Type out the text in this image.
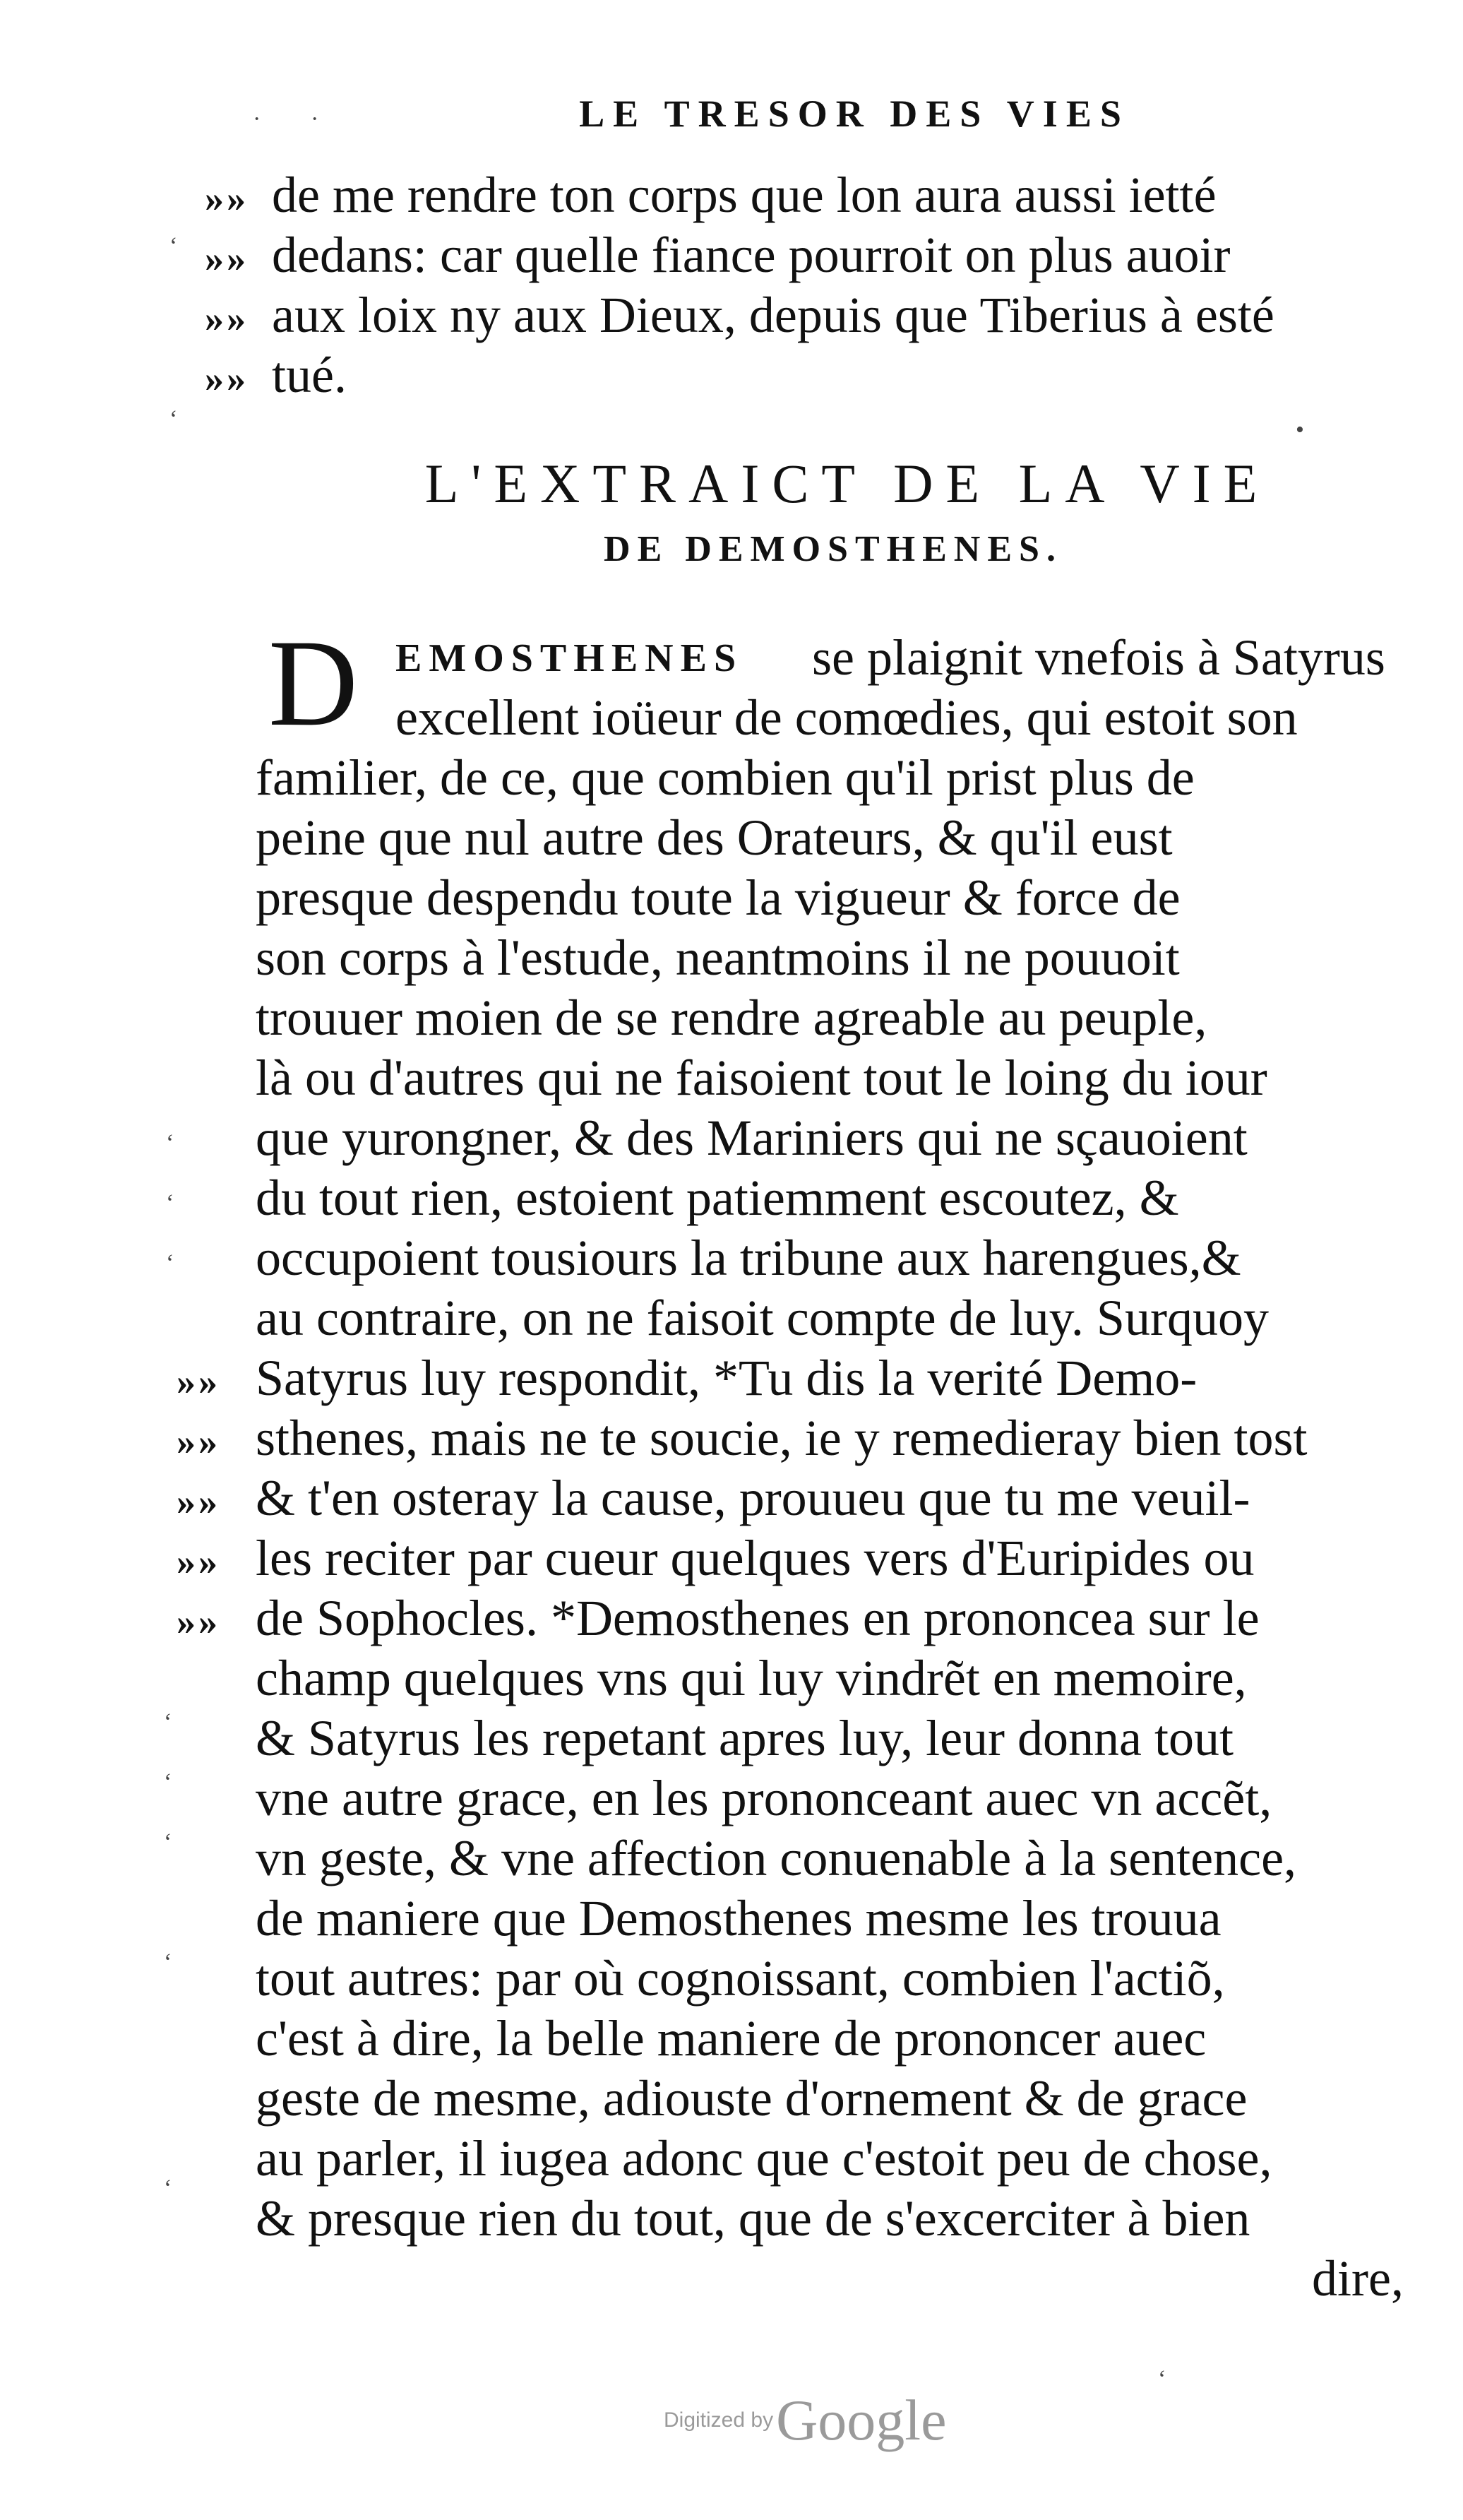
LE TRESOR DES VIES
»» de me rendre ton corps que lon aura aussi ietté
»» dedans: car quelle fiance pourroit on plus auoir
»» aux loix ny aux Dieux, depuis que Tiberius à esté
»» tué.
L'EXTRAICT DE LA VIE
DE DEMOSTHENES.
D EMOSTHENES se plaignit vnefois à Satyrus
excellent ioüeur de comœdies, qui estoit son
familier, de ce, que combien qu'il prist plus de
peine que nul autre des Orateurs, & qu'il eust
presque despendu toute la vigueur & force de
son corps à l'estude, neantmoins il ne pouuoit
trouuer moien de se rendre agreable au peuple,
là ou d'autres qui ne faisoient tout le loing du iour
que yurongner, & des Mariniers qui ne sçauoient
du tout rien, estoient patiemment escoutez, &
occupoient tousiours la tribune aux harengues,&
au contraire, on ne faisoit compte de luy. Surquoy
»» Satyrus luy respondit, *Tu dis la verité Demo-
»» sthenes, mais ne te soucie, ie y remedieray bien tost
»» & t'en osteray la cause, prouueu que tu me veuil-
»» les reciter par cueur quelques vers d'Euripides ou
»» de Sophocles. *Demosthenes en prononcea sur le
champ quelques vns qui luy vindrẽt en memoire,
& Satyrus les repetant apres luy, leur donna tout
vne autre grace, en les prononceant auec vn accẽt,
vn geste, & vne affection conuenable à la sentence,
de maniere que Demosthenes mesme les trouua
tout autres: par où cognoissant, combien l'actiõ,
c'est à dire, la belle maniere de prononcer auec
geste de mesme, adiouste d'ornement & de grace
au parler, il iugea adonc que c'estoit peu de chose,
& presque rien du tout, que de s'excerciter à bien
dire,
· ·
‘
‘
‘
‘
‘
‘
‘
‘
‘
‘
•
‘
Digitized by Google
